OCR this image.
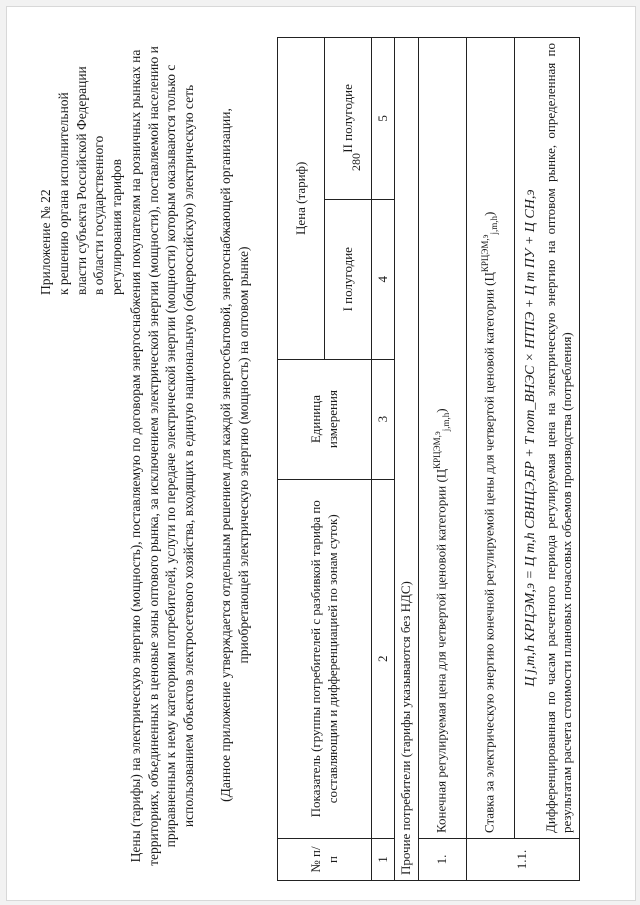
280
Приложение № 22 к решению органа исполнительной власти субъекта Российской Федерации в области государственного регулирования тарифов Цены (тарифы) на электрическую энергию (мощность), поставляемую по договорам энергоснабжения покупателям на розничных рынках на территориях, объединенных в ценовые зоны оптового рынка, за исключением электрической энергии (мощности), поставляемой населению и приравненным к нему категориям потребителей, услуги по передаче электрической энергии (мощности) которым оказываются только с использованием объектов электросетевого хозяйства, входящих в единую национальную (общероссийскую) электрическую сеть (Данное приложение утверждается отдельным решением для каждой энергосбытовой, энергоснабжающей организации, приобретающей электрическую энергию (мощность) на оптовом рынке)
№ п/п	Показатель (группы потребителей с разбивкой тарифа по составляющим и дифференциацией по зонам суток)	Единица измерения	Цена (тариф)	
			I полугодие	II полугодие
1	2	3	4	5
Прочие потребители (тарифы указываются без НДС)				
1.	Конечная регулируемая цена для четвертой ценовой категории $(Ц^{КРЦЭМ,э}_{j,m,h})$			
1.1.	Ставка за электрическую энергию конечной регулируемой цены для четвертой ценовой категории $(Ц^{КРЦЭМ,э}_{j,m,h})$			

	Ц j,m,h КРЦЭМ,э = Ц m,h СВНЦЭ,БР + T пот_ВНЭС × НТПЭ + Ц m ПУ + Ц СН,э Дифференцированная по часам расчетного периода регулируемая цена на электрическую энергию на оптовом рынке, определенная по результатам расчета стоимости плановых почасовых объемов производства (потребления)			
